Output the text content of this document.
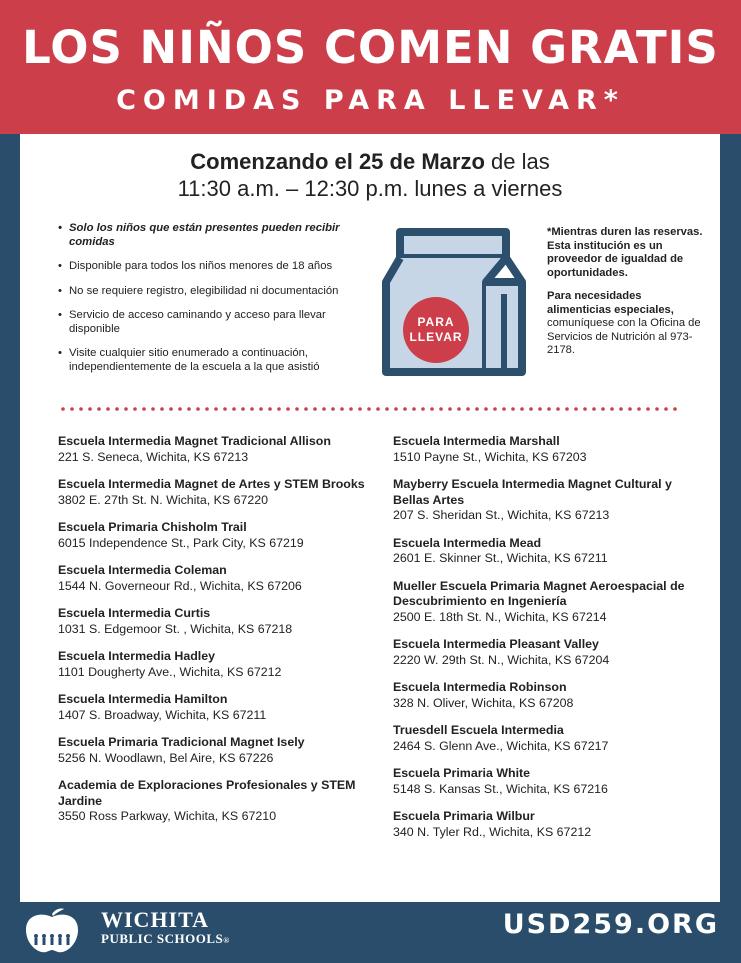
LOS NIÑOS COMEN GRATIS
COMIDAS PARA LLEVAR*
Comenzando el 25 de Marzo de las
11:30 a.m. – 12:30 p.m. lunes a viernes
• Solo los niños que están presentes pueden recibir comidas
• Disponible para todos los niños menores de 18 años
• No se requiere registro, elegibilidad ni documentación
• Servicio de acceso caminando y acceso para llevar disponible
• Visite cualquier sitio enumerado a continuación, independientemente de la escuela a la que asistió
PARA
LLEVAR

*Mientras duren las reservas. Esta institución es un proveedor de igualdad de oportunidades.

Para necesidades alimenticias especiales, comuníquese con la Oficina de Servicios de Nutrición al 973-2178.

Escuela Intermedia Magnet Tradicional Allison
221 S. Seneca, Wichita, KS 67213
Escuela Intermedia Magnet de Artes y STEM Brooks
3802 E. 27th St. N. Wichita, KS 67220
Escuela Primaria Chisholm Trail
6015 Independence St., Park City, KS 67219
Escuela Intermedia Coleman
1544 N. Governeour Rd., Wichita, KS 67206
Escuela Intermedia Curtis
1031 S. Edgemoor St. , Wichita, KS 67218
Escuela Intermedia Hadley
1101 Dougherty Ave., Wichita, KS 67212
Escuela Intermedia Hamilton
1407 S. Broadway, Wichita, KS 67211
Escuela Primaria Tradicional Magnet Isely
5256 N. Woodlawn, Bel Aire, KS 67226
Academia de Exploraciones Profesionales y STEM Jardine
3550 Ross Parkway, Wichita, KS 67210
Escuela Intermedia Marshall
1510 Payne St., Wichita, KS 67203
Mayberry Escuela Intermedia Magnet Cultural y Bellas Artes
207 S. Sheridan St., Wichita, KS 67213
Escuela Intermedia Mead
2601 E. Skinner St., Wichita, KS 67211
Mueller Escuela Primaria Magnet Aeroespacial de Descubrimiento en Ingeniería
2500 E. 18th St. N., Wichita, KS 67214
Escuela Intermedia Pleasant Valley
2220 W. 29th St. N., Wichita, KS 67204
Escuela Intermedia Robinson
328 N. Oliver, Wichita, KS 67208
Truesdell Escuela Intermedia
2464 S. Glenn Ave., Wichita, KS 67217
Escuela Primaria White
5148 S. Kansas St., Wichita, KS 67216
Escuela Primaria Wilbur
340 N. Tyler Rd., Wichita, KS 67212
WICHITA
PUBLIC SCHOOLS®
USD259.ORG
